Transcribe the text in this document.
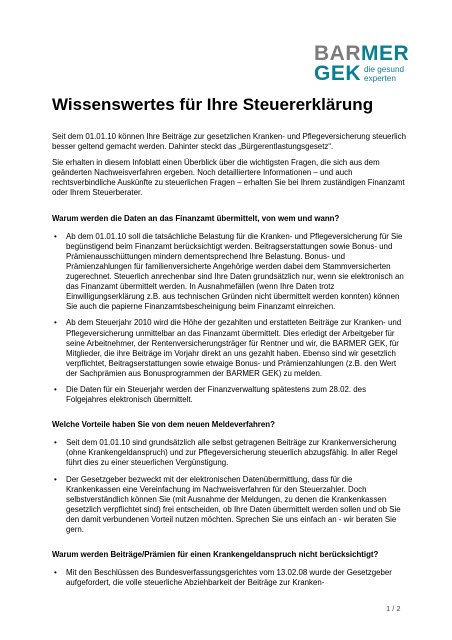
BARMER
GEK die gesund
experten
Wissenswertes für Ihre Steuererklärung

Seit dem 01.01.10 können Ihre Beiträge zur gesetzlichen Kranken- und Pflegeversicherung steuerlich besser geltend gemacht werden. Dahinter steckt das „Bürgerentlastungsgesetz“.

Sie erhalten in diesem Infoblatt einen Überblick über die wichtigsten Fragen, die sich aus dem geänderten Nachweisverfahren ergeben. Noch detailliertere Informationen – und auch rechtsverbindliche Auskünfte zu steuerlichen Fragen – erhalten Sie bei Ihrem zuständigen Finanzamt oder Ihrem Steuerberater.

Warum werden die Daten an das Finanzamt übermittelt, von wem und wann?
• Ab dem 01.01.10 soll die tatsächliche Belastung für die Kranken- und Pflegeversicherung für Sie begünstigend beim Finanzamt berücksichtigt werden. Beitragserstattungen sowie Bonus- und Prämienausschüttungen mindern dementsprechend Ihre Belastung. Bonus- und Prämienzahlungen für familienversicherte Angehörige werden dabei dem Stammversicherten zugerechnet. Steuerlich anrechenbar sind Ihre Daten grundsätzlich nur, wenn sie elektronisch an das Finanzamt übermittelt werden. In Ausnahmefällen (wenn Ihre Daten trotz Einwilligungserklärung z.B. aus technischen Gründen nicht übermittelt werden konnten) können Sie auch die papierne Finanzamtsbescheinigung beim Finanzamt einreichen.
• Ab dem Steuerjahr 2010 wird die Höhe der gezahlten und erstatteten Beiträge zur Kranken- und Pflegeversicherung unmittelbar an das Finanzamt übermittelt. Dies erledigt der Arbeitgeber für seine Arbeitnehmer, der Rentenversicherungsträger für Rentner und wir, die BARMER GEK, für Mitglieder, die ihre Beiträge im Vorjahr direkt an uns gezahlt haben. Ebenso sind wir gesetzlich verpflichtet, Beitragserstattungen sowie etwaige Bonus- und Prämienzahlungen (z.B. den Wert der Sachprämien aus Bonusprogrammen der BARMER GEK) zu melden.
• Die Daten für ein Steuerjahr werden der Finanzverwaltung spätestens zum 28.02. des Folgejahres elektronisch übermittelt.
Welche Vorteile haben Sie von dem neuen Meldeverfahren?
• Seit dem 01.01.10 sind grundsätzlich alle selbst getragenen Beiträge zur Krankenversicherung (ohne Krankengeldanspruch) und zur Pflegeversicherung steuerlich abzugsfähig. In aller Regel führt dies zu einer steuerlichen Vergünstigung.
• Der Gesetzgeber bezweckt mit der elektronischen Datenübermittlung, dass für die Krankenkassen eine Vereinfachung im Nachweisverfahren für den Steuerzahler. Doch selbstverständlich können Sie (mit Ausnahme der Meldungen, zu denen die Krankenkassen gesetzlich verpflichtet sind) frei entscheiden, ob Ihre Daten übermittelt werden sollen und ob Sie den damit verbundenen Vorteil nutzen möchten. Sprechen Sie uns einfach an - wir beraten Sie gern.
Warum werden Beiträge/Prämien für einen Krankengeldanspruch nicht berücksichtigt?
• Mit den Beschlüssen des Bundesverfassungsgerichtes vom 13.02.08 wurde der Gesetzgeber aufgefordert, die volle steuerliche Abziehbarkeit der Beiträge zur Kranken-
1 / 2
